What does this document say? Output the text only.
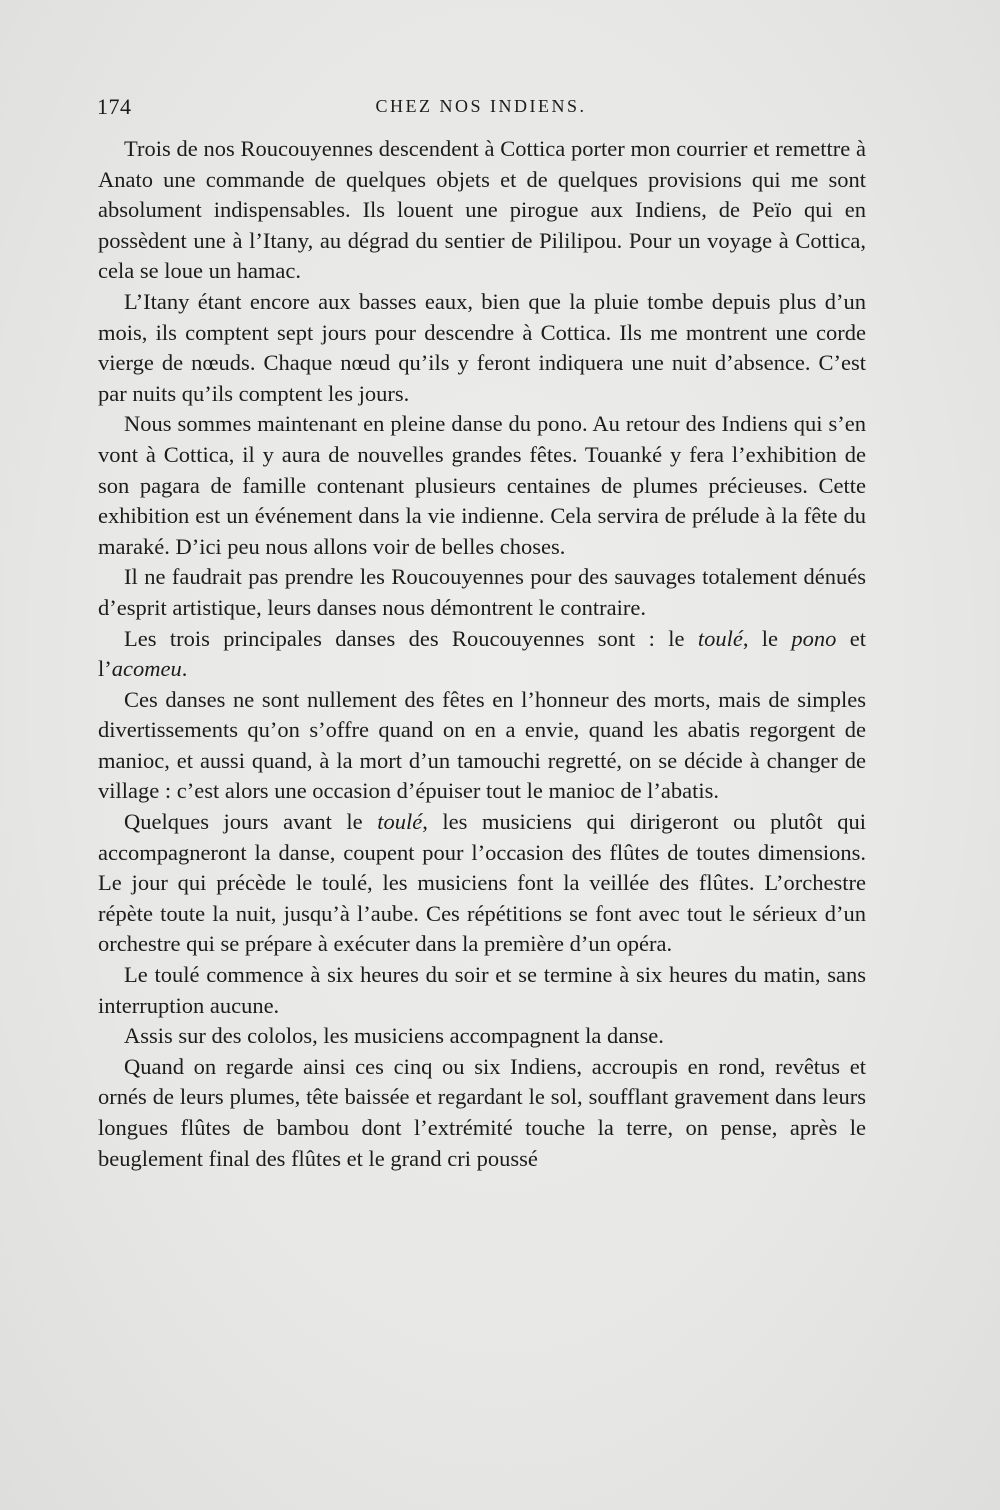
174	CHEZ NOS INDIENS.

Trois de nos Roucouyennes descendent à Cottica porter mon courrier et remettre à Anato une commande de quelques objets et de quelques provisions qui me sont absolument indispensables. Ils louent une pirogue aux Indiens, de Peïo qui en possèdent une à l’Itany, au dégrad du sentier de Pililipou. Pour un voyage à Cottica, cela se loue un hamac.

L’Itany étant encore aux basses eaux, bien que la pluie tombe depuis plus d’un mois, ils comptent sept jours pour descendre à Cottica. Ils me montrent une corde vierge de nœuds. Chaque nœud qu’ils y feront indiquera une nuit d’absence. C’est par nuits qu’ils comptent les jours.

Nous sommes maintenant en pleine danse du pono. Au retour des Indiens qui s’en vont à Cottica, il y aura de nouvelles grandes fêtes. Touanké y fera l’exhibition de son pagara de famille contenant plusieurs centaines de plumes précieuses. Cette exhibition est un événement dans la vie indienne. Cela servira de prélude à la fête du maraké. D’ici peu nous allons voir de belles choses.

Il ne faudrait pas prendre les Roucouyennes pour des sauvages totalement dénués d’esprit artistique, leurs danses nous démontrent le contraire.

Les trois principales danses des Roucouyennes sont : le toulé, le pono et l’acomeu.

Ces danses ne sont nullement des fêtes en l’honneur des morts, mais de simples divertissements qu’on s’offre quand on en a envie, quand les abatis regorgent de manioc, et aussi quand, à la mort d’un tamouchi regretté, on se décide à changer de village : c’est alors une occasion d’épuiser tout le manioc de l’abatis.

Quelques jours avant le toulé, les musiciens qui dirigeront ou plutôt qui accompagneront la danse, coupent pour l’occasion des flûtes de toutes dimensions. Le jour qui précède le toulé, les musiciens font la veillée des flûtes. L’orchestre répète toute la nuit, jusqu’à l’aube. Ces répétitions se font avec tout le sérieux d’un orchestre qui se prépare à exécuter dans la première d’un opéra.

Le toulé commence à six heures du soir et se termine à six heures du matin, sans interruption aucune.

Assis sur des cololos, les musiciens accompagnent la danse.

Quand on regarde ainsi ces cinq ou six Indiens, accroupis en rond, revêtus et ornés de leurs plumes, tête baissée et regardant le sol, soufflant gravement dans leurs longues flûtes de bambou dont l’extrémité touche la terre, on pense, après le beuglement final des flûtes et le grand cri poussé
